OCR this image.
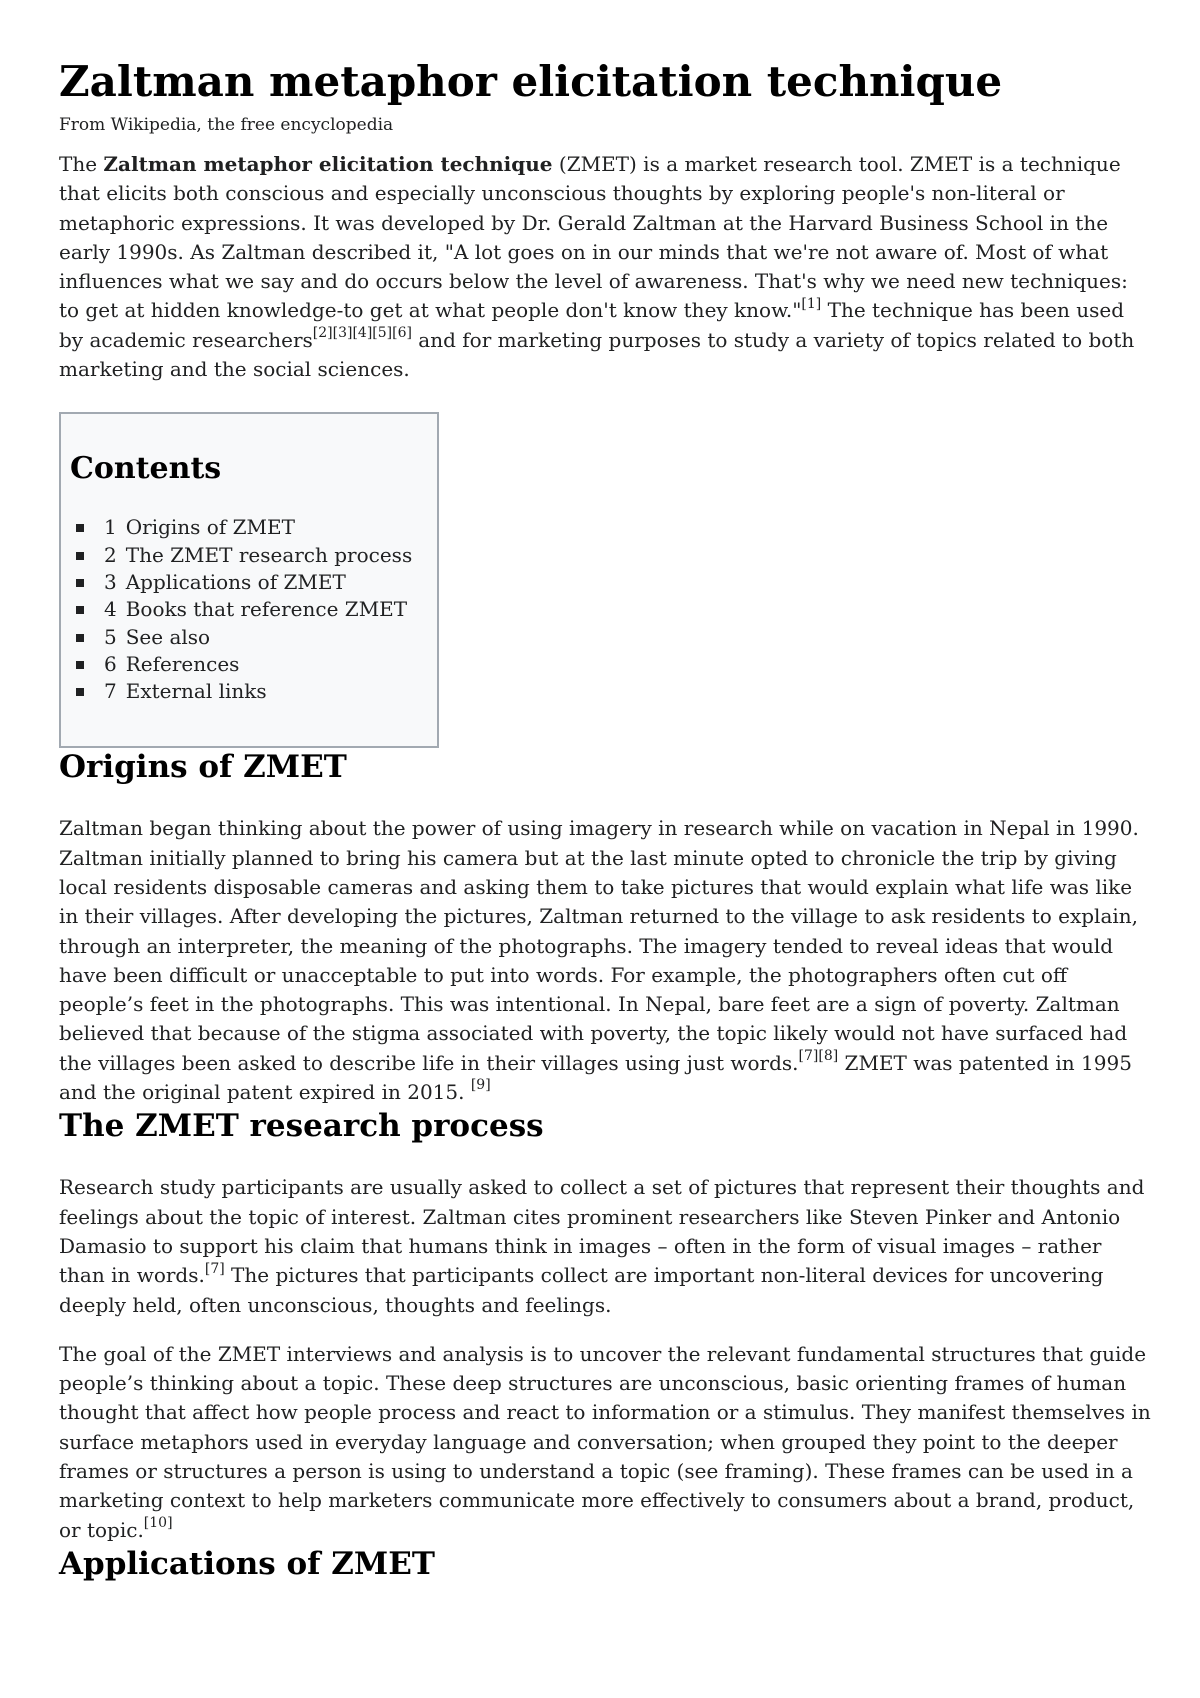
Zaltman metaphor elicitation technique
From Wikipedia, the free encyclopedia

The Zaltman metaphor elicitation technique (ZMET) is a market research tool. ZMET is a technique that elicits both conscious and especially unconscious thoughts by exploring people's non-literal or metaphoric expressions. It was developed by Dr. Gerald Zaltman at the Harvard Business School in the early 1990s. As Zaltman described it, "A lot goes on in our minds that we're not aware of. Most of what influences what we say and do occurs below the level of awareness. That's why we need new techniques: to get at hidden knowledge-to get at what people don't know they know."[1] The technique has been used by academic researchers[2][3][4][5][6] and for marketing purposes to study a variety of topics related to both marketing and the social sciences.

Contents
1 Origins of ZMET
2 The ZMET research process
3 Applications of ZMET
4 Books that reference ZMET
5 See also
6 References
7 External links
Origins of ZMET

Zaltman began thinking about the power of using imagery in research while on vacation in Nepal in 1990. Zaltman initially planned to bring his camera but at the last minute opted to chronicle the trip by giving local residents disposable cameras and asking them to take pictures that would explain what life was like in their villages. After developing the pictures, Zaltman returned to the village to ask residents to explain, through an interpreter, the meaning of the photographs. The imagery tended to reveal ideas that would have been difficult or unacceptable to put into words. For example, the photographers often cut off people’s feet in the photographs. This was intentional. In Nepal, bare feet are a sign of poverty. Zaltman believed that because of the stigma associated with poverty, the topic likely would not have surfaced had the villages been asked to describe life in their villages using just words.[7][8] ZMET was patented in 1995 and the original patent expired in 2015. [9]

The ZMET research process

Research study participants are usually asked to collect a set of pictures that represent their thoughts and feelings about the topic of interest. Zaltman cites prominent researchers like Steven Pinker and Antonio Damasio to support his claim that humans think in images – often in the form of visual images – rather than in words.[7] The pictures that participants collect are important non-literal devices for uncovering deeply held, often unconscious, thoughts and feelings.

The goal of the ZMET interviews and analysis is to uncover the relevant fundamental structures that guide people’s thinking about a topic. These deep structures are unconscious, basic orienting frames of human thought that affect how people process and react to information or a stimulus. They manifest themselves in surface metaphors used in everyday language and conversation; when grouped they point to the deeper frames or structures a person is using to understand a topic (see framing). These frames can be used in a marketing context to help marketers communicate more effectively to consumers about a brand, product, or topic.[10]

Applications of ZMET
